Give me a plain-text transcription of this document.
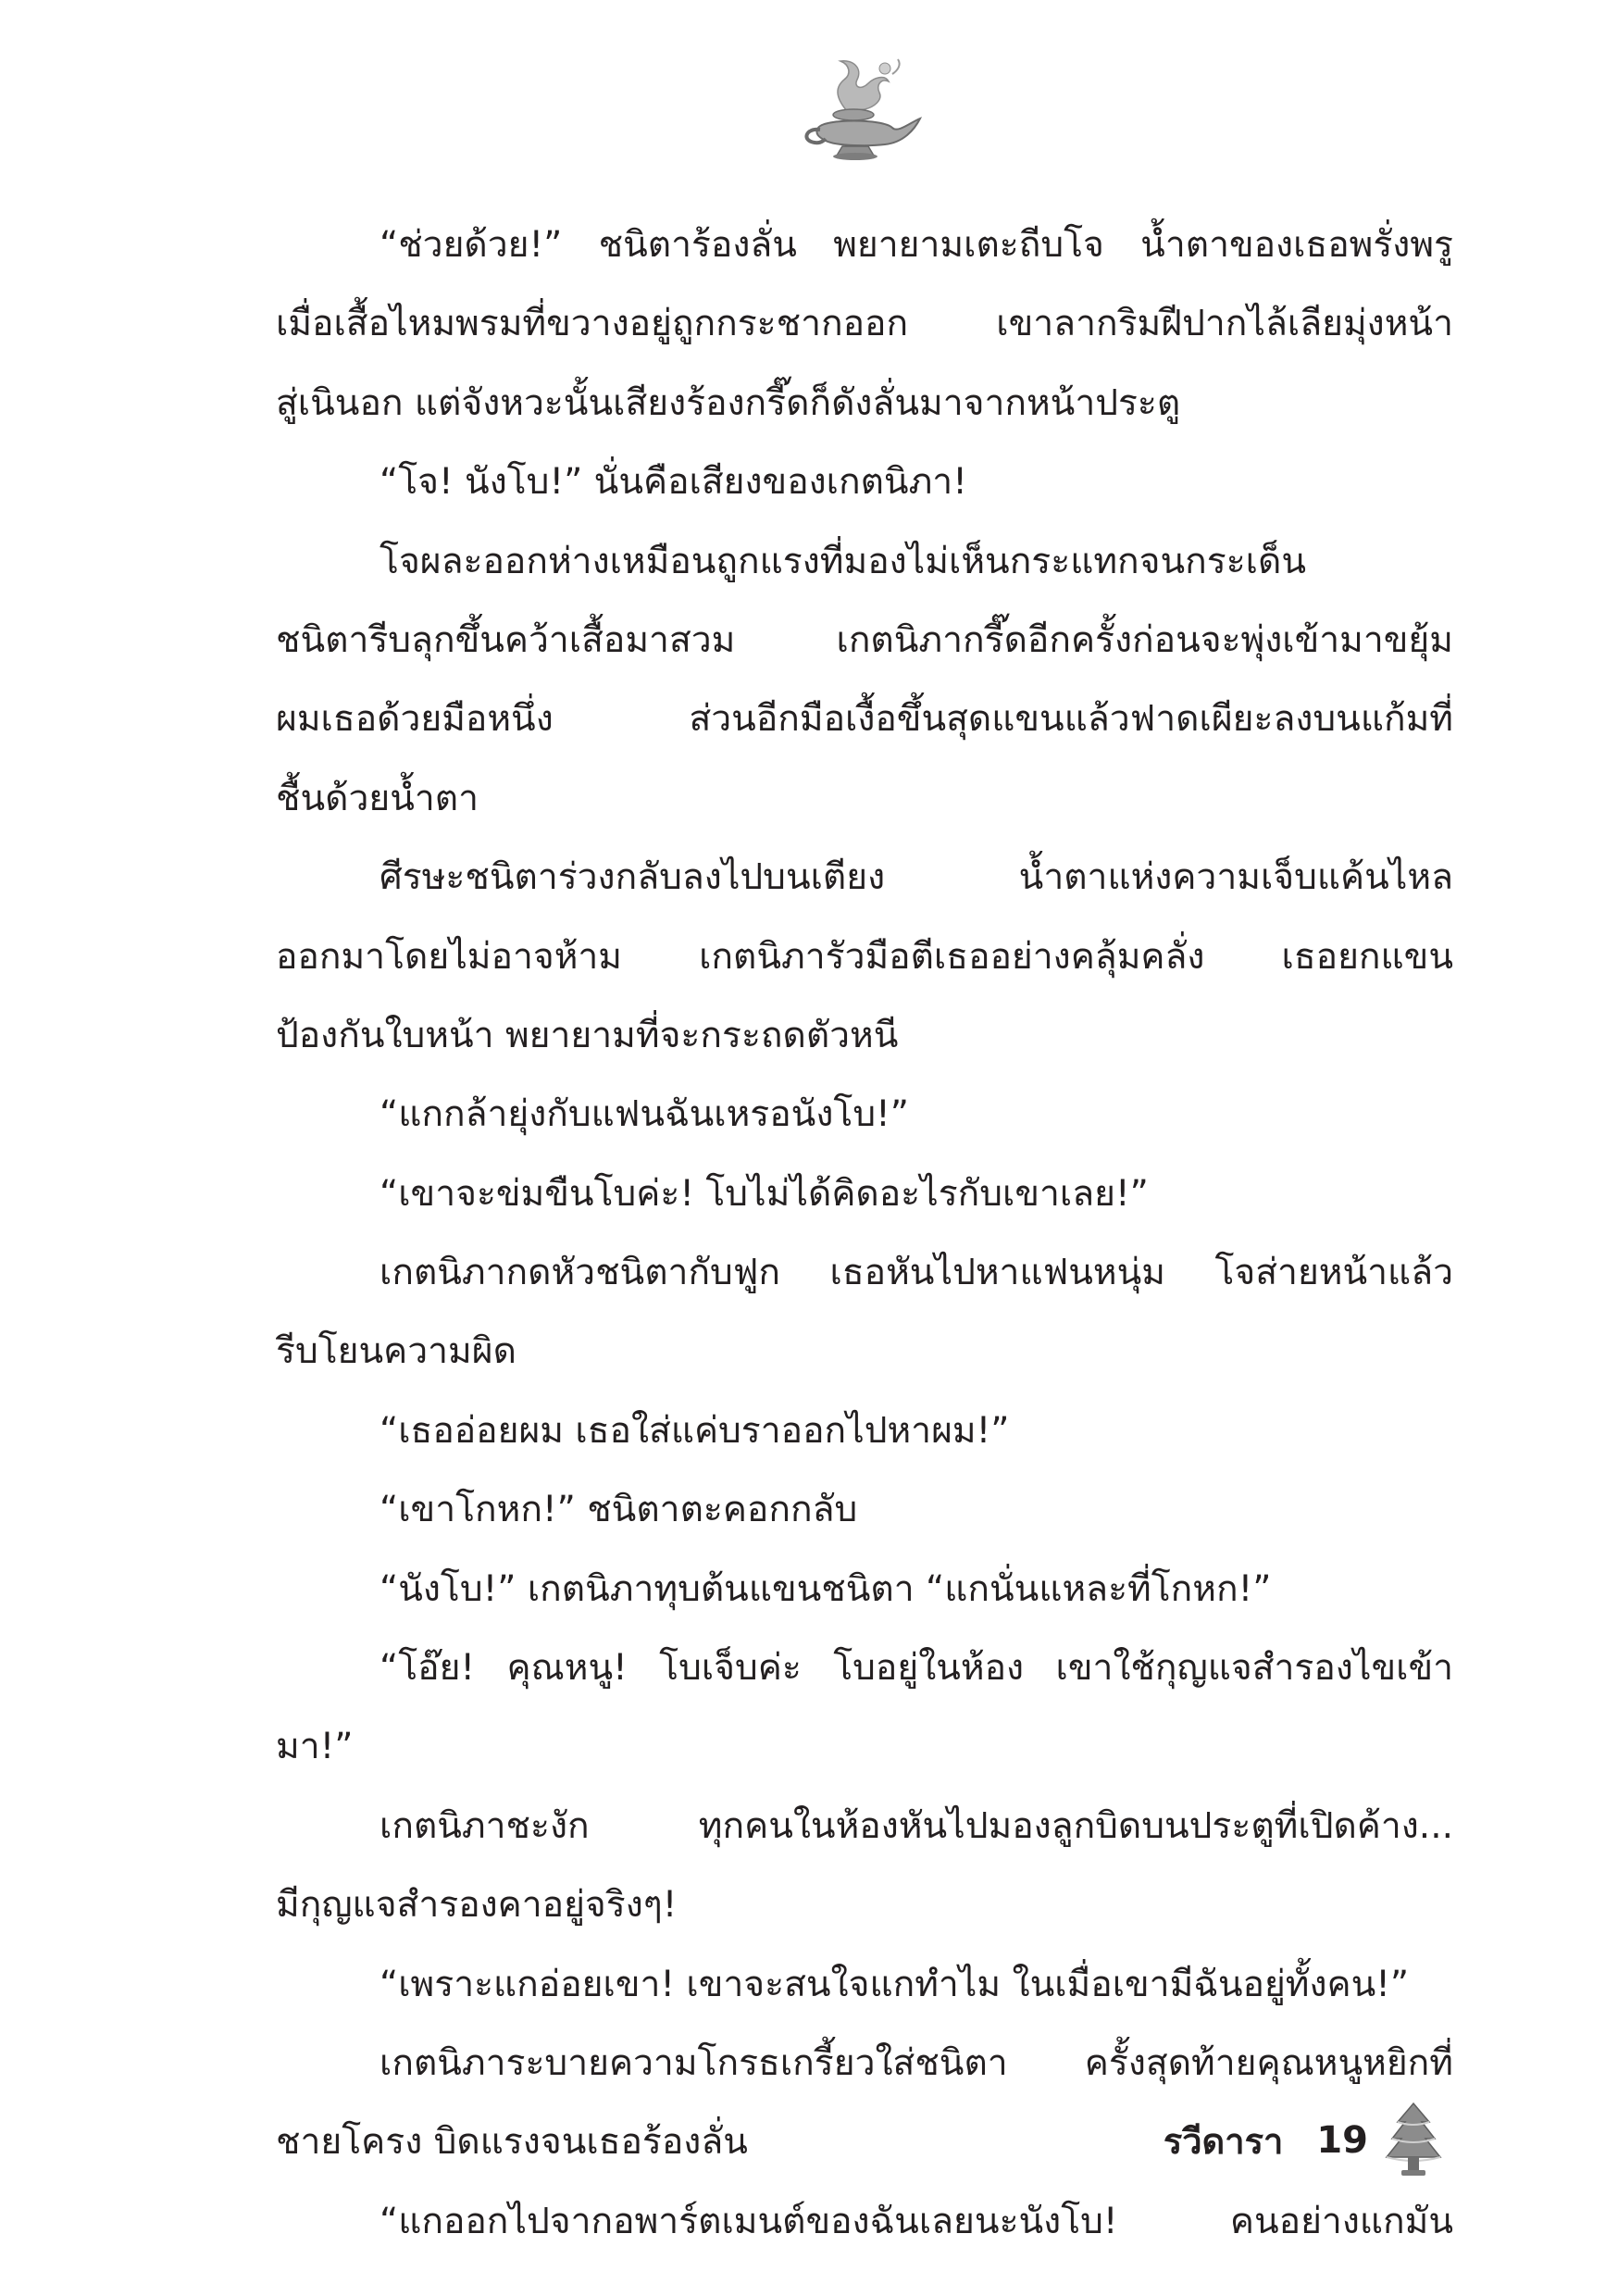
“ช่วยด้วย!” ชนิตาร้องลั่น พยายามเตะถีบโจ น้ำตาของเธอพรั่งพรู
เมื่อเสื้อไหมพรมที่ขวางอยู่ถูกกระชากออก เขาลากริมฝีปากไล้เลียมุ่งหน้า
สู่เนินอก แต่จังหวะนั้นเสียงร้องกรี๊ดก็ดังลั่นมาจากหน้าประตู
“โจ! นังโบ!” นั่นคือเสียงของเกตนิภา!
โจผละออกห่างเหมือนถูกแรงที่มองไม่เห็นกระแทกจนกระเด็น
ชนิตารีบลุกขึ้นคว้าเสื้อมาสวม เกตนิภากรี๊ดอีกครั้งก่อนจะพุ่งเข้ามาขยุ้ม
ผมเธอด้วยมือหนึ่ง ส่วนอีกมือเงื้อขึ้นสุดแขนแล้วฟาดเผียะลงบนแก้มที่
ชื้นด้วยน้ำตา
ศีรษะชนิตาร่วงกลับลงไปบนเตียง น้ำตาแห่งความเจ็บแค้นไหล
ออกมาโดยไม่อาจห้าม เกตนิภารัวมือตีเธออย่างคลุ้มคลั่ง เธอยกแขน
ป้องกันใบหน้า พยายามที่จะกระถดตัวหนี
“แกกล้ายุ่งกับแฟนฉันเหรอนังโบ!”
“เขาจะข่มขืนโบค่ะ! โบไม่ได้คิดอะไรกับเขาเลย!”
เกตนิภากดหัวชนิตากับฟูก เธอหันไปหาแฟนหนุ่ม โจส่ายหน้าแล้ว
รีบโยนความผิด
“เธออ่อยผม เธอใส่แค่บราออกไปหาผม!”
“เขาโกหก!” ชนิตาตะคอกกลับ
“นังโบ!” เกตนิภาทุบต้นแขนชนิตา “แกนั่นแหละที่โกหก!”
“โอ๊ย! คุณหนู! โบเจ็บค่ะ โบอยู่ในห้อง เขาใช้กุญแจสำรองไขเข้า
มา!”
เกตนิภาชะงัก ทุกคนในห้องหันไปมองลูกบิดบนประตูที่เปิดค้าง...
มีกุญแจสำรองคาอยู่จริงๆ!
“เพราะแกอ่อยเขา! เขาจะสนใจแกทำไม ในเมื่อเขามีฉันอยู่ทั้งคน!”
เกตนิภาระบายความโกรธเกรี้ยวใส่ชนิตา ครั้งสุดท้ายคุณหนูหยิกที่
ชายโครง บิดแรงจนเธอร้องลั่น
“แกออกไปจากอพาร์ตเมนต์ของฉันเลยนะนังโบ! คนอย่างแกมัน
รวีดารา 19
